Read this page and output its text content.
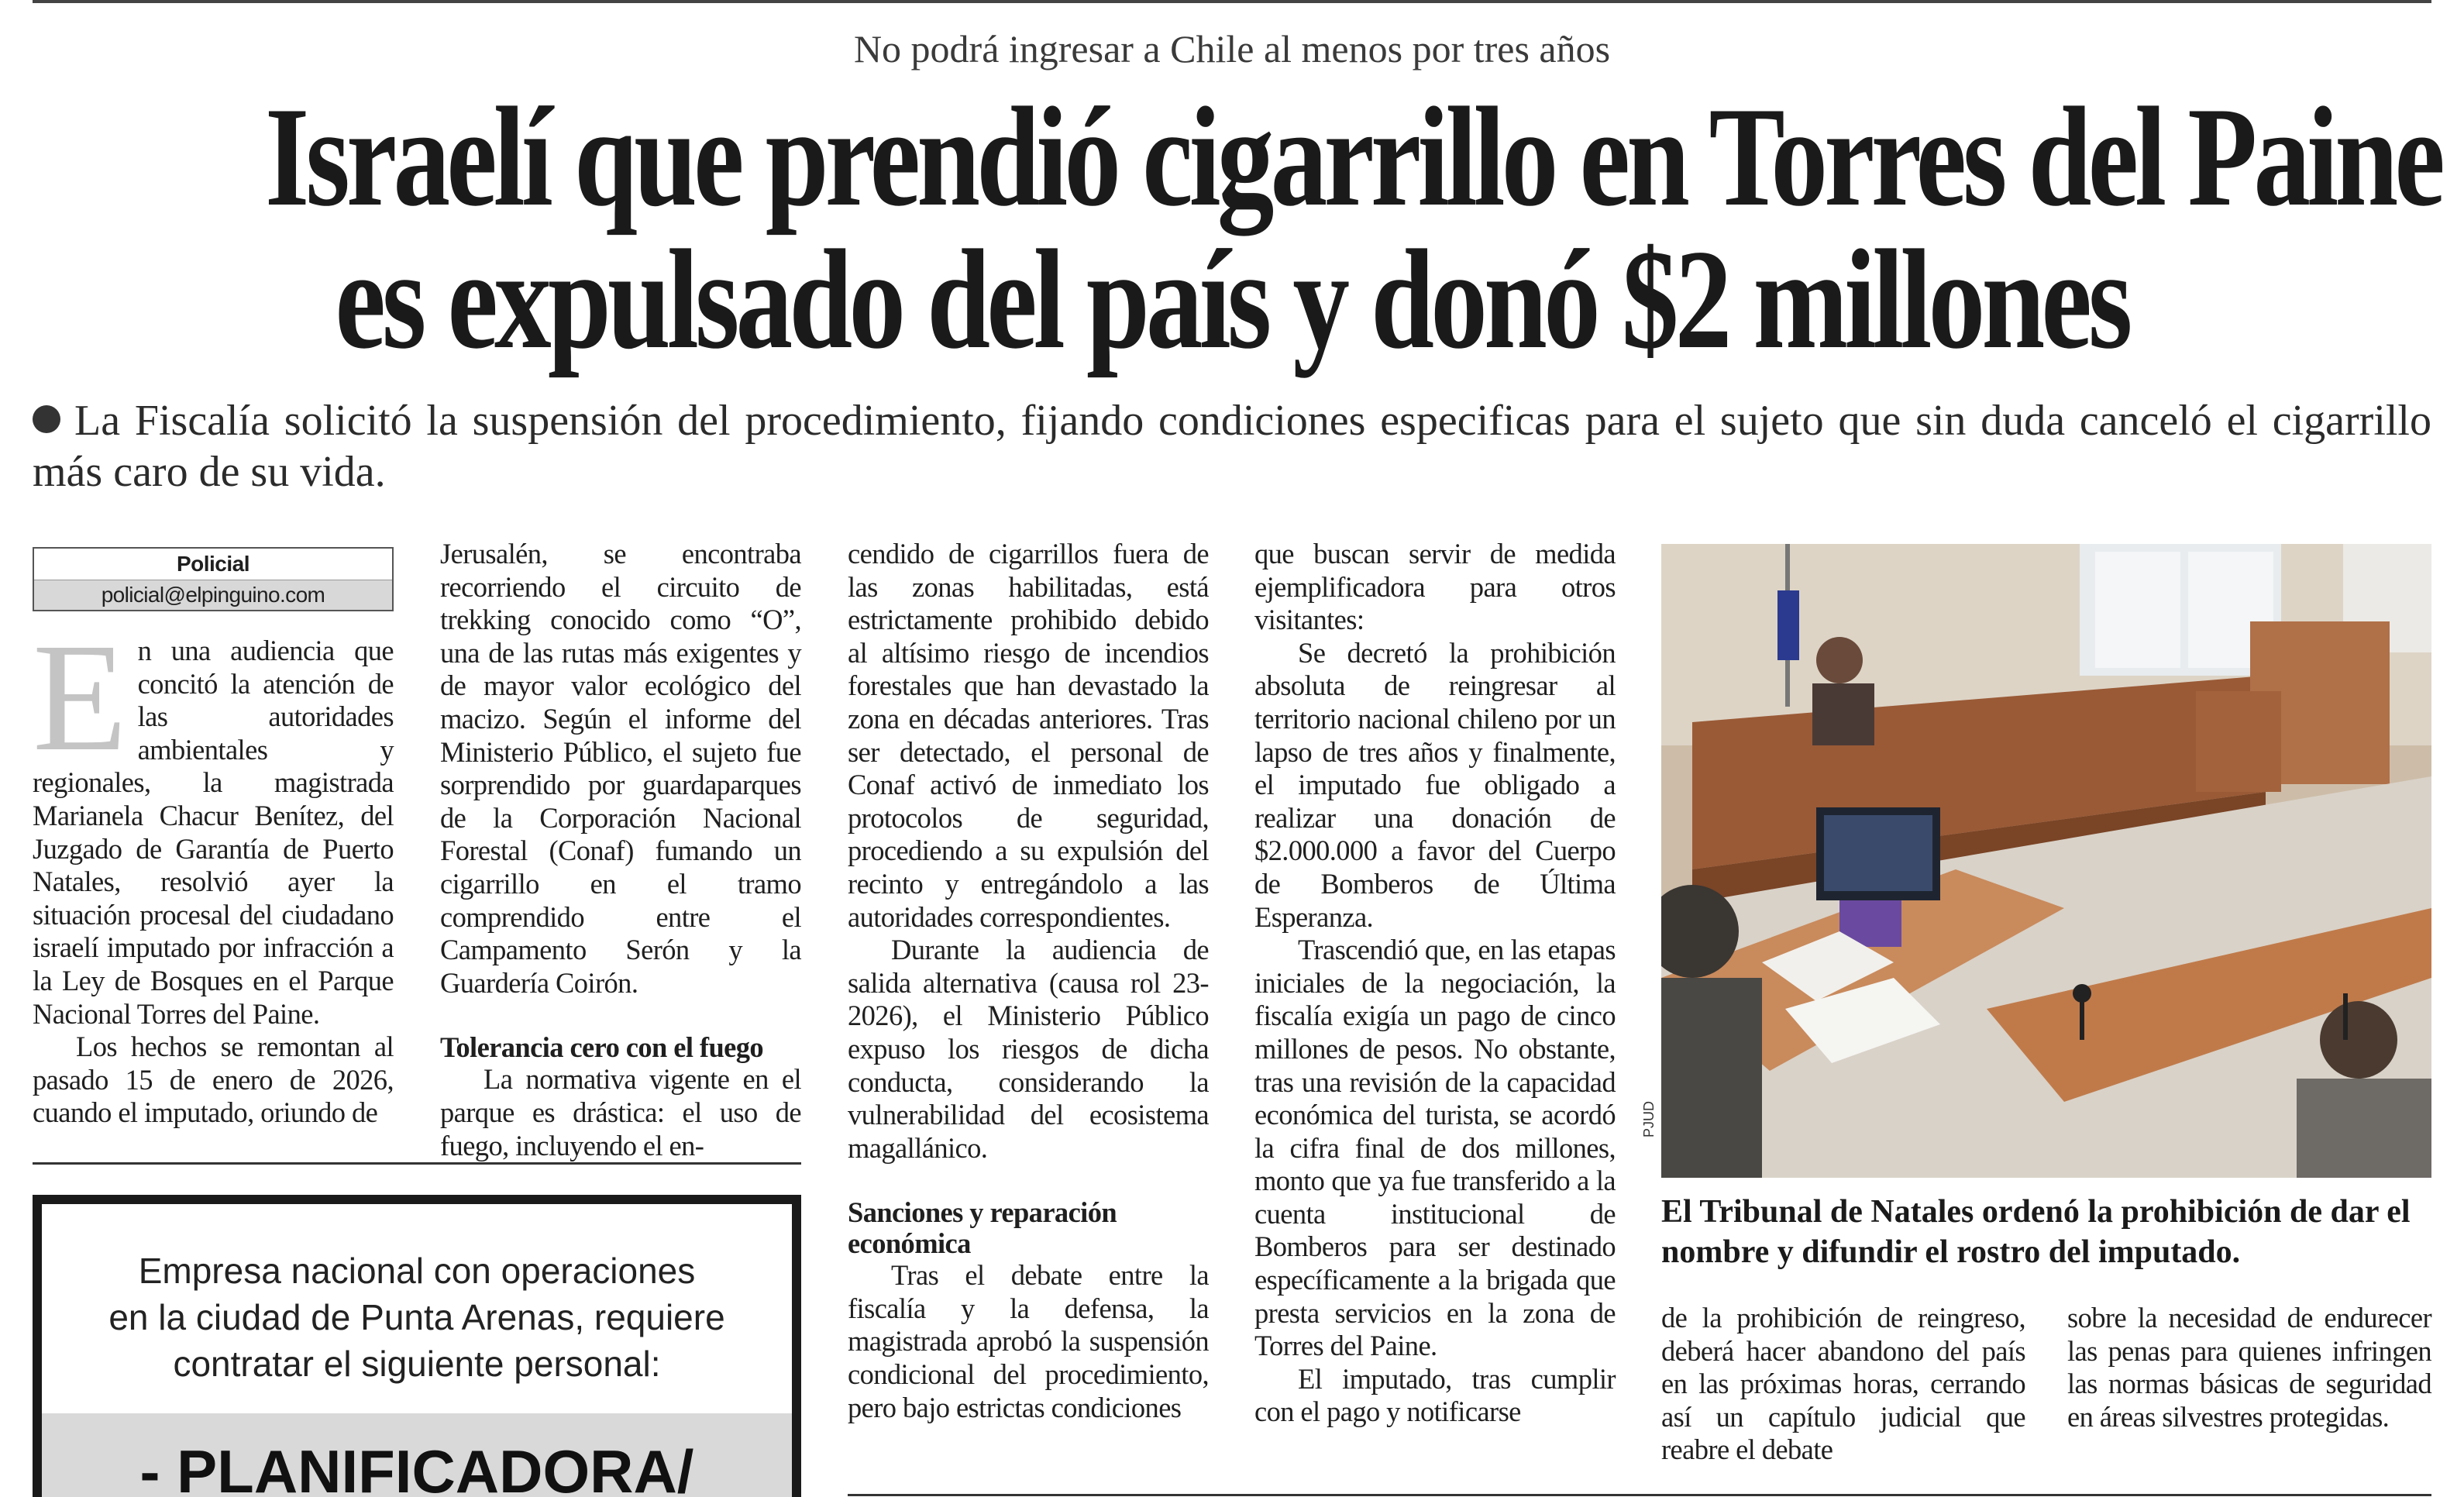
No podrá ingresar a Chile al menos por tres años
Israelí que prendió cigarrillo en Torres del Paine
es expulsado del país y donó $2 millones
La Fiscalía solicitó la suspensión del procedimiento, fijando condiciones especificas para el sujeto que sin duda canceló el cigarrillo más caro de su vida.
Policial
policial@elpinguino.com

En una audiencia que concitó la atención de las autoridades ambientales y regionales, la magistrada Marianela Chacur Benítez, del Juzgado de Garantía de Puerto Natales, resolvió ayer la situación procesal del ciudadano israelí imputado por infracción a la Ley de Bosques en el Parque Nacional Torres del Paine.

Los hechos se remontan al pasado 15 de enero de 2026, cuando el imputado, oriundo de

Jerusalén, se encontraba recorriendo el circuito de trekking conocido como “O”, una de las rutas más exigentes y de mayor valor ecológico del macizo. Según el informe del Ministerio Público, el sujeto fue sorprendido por guardaparques de la Corporación Nacional Forestal (Conaf) fumando un cigarrillo en el tramo comprendido entre el Campamento Serón y la Guardería Coirón.

Tolerancia cero con el fuego

La normativa vigente en el parque es drástica: el uso de fuego, incluyendo el en-

cendido de cigarrillos fuera de las zonas habilitadas, está estrictamente prohibido debido al altísimo riesgo de incendios forestales que han devastado la zona en décadas anteriores. Tras ser detectado, el personal de Conaf activó de inmediato los protocolos de seguridad, procediendo a su expulsión del recinto y entregándolo a las autoridades correspondientes.

Durante la audiencia de salida alternativa (causa rol 23-2026), el Ministerio Público expuso los riesgos de dicha conducta, considerando la vulnerabilidad del ecosistema magallánico.

Sanciones y reparación económica

Tras el debate entre la fiscalía y la defensa, la magistrada aprobó la suspensión condicional del procedimiento, pero bajo estrictas condiciones

que buscan servir de medida ejemplificadora para otros visitantes:

Se decretó la prohibición absoluta de reingresar al territorio nacional chileno por un lapso de tres años y finalmente, el imputado fue obligado a realizar una donación de $2.000.000 a favor del Cuerpo de Bomberos de Última Esperanza.

Trascendió que, en las etapas iniciales de la negociación, la fiscalía exigía un pago de cinco millones de pesos. No obstante, tras una revisión de la capacidad económica del turista, se acordó la cifra final de dos millones, monto que ya fue transferido a la cuenta institucional de Bomberos para ser destinado específicamente a la brigada que presta servicios en la zona de Torres del Paine.

El imputado, tras cumplir con el pago y notificarse

Empresa nacional con operaciones
en la ciudad de Punta Arenas, requiere
contratar el siguiente personal:
- PLANIFICADORA/
PJUD
El Tribunal de Natales ordenó la prohibición de dar el nombre y difundir el rostro del imputado.

de la prohibición de reingreso, deberá hacer abandono del país en las próximas horas, cerrando así un capítulo judicial que reabre el debate

sobre la necesidad de endurecer las penas para quienes infringen las normas básicas de seguridad en áreas silvestres protegidas.
